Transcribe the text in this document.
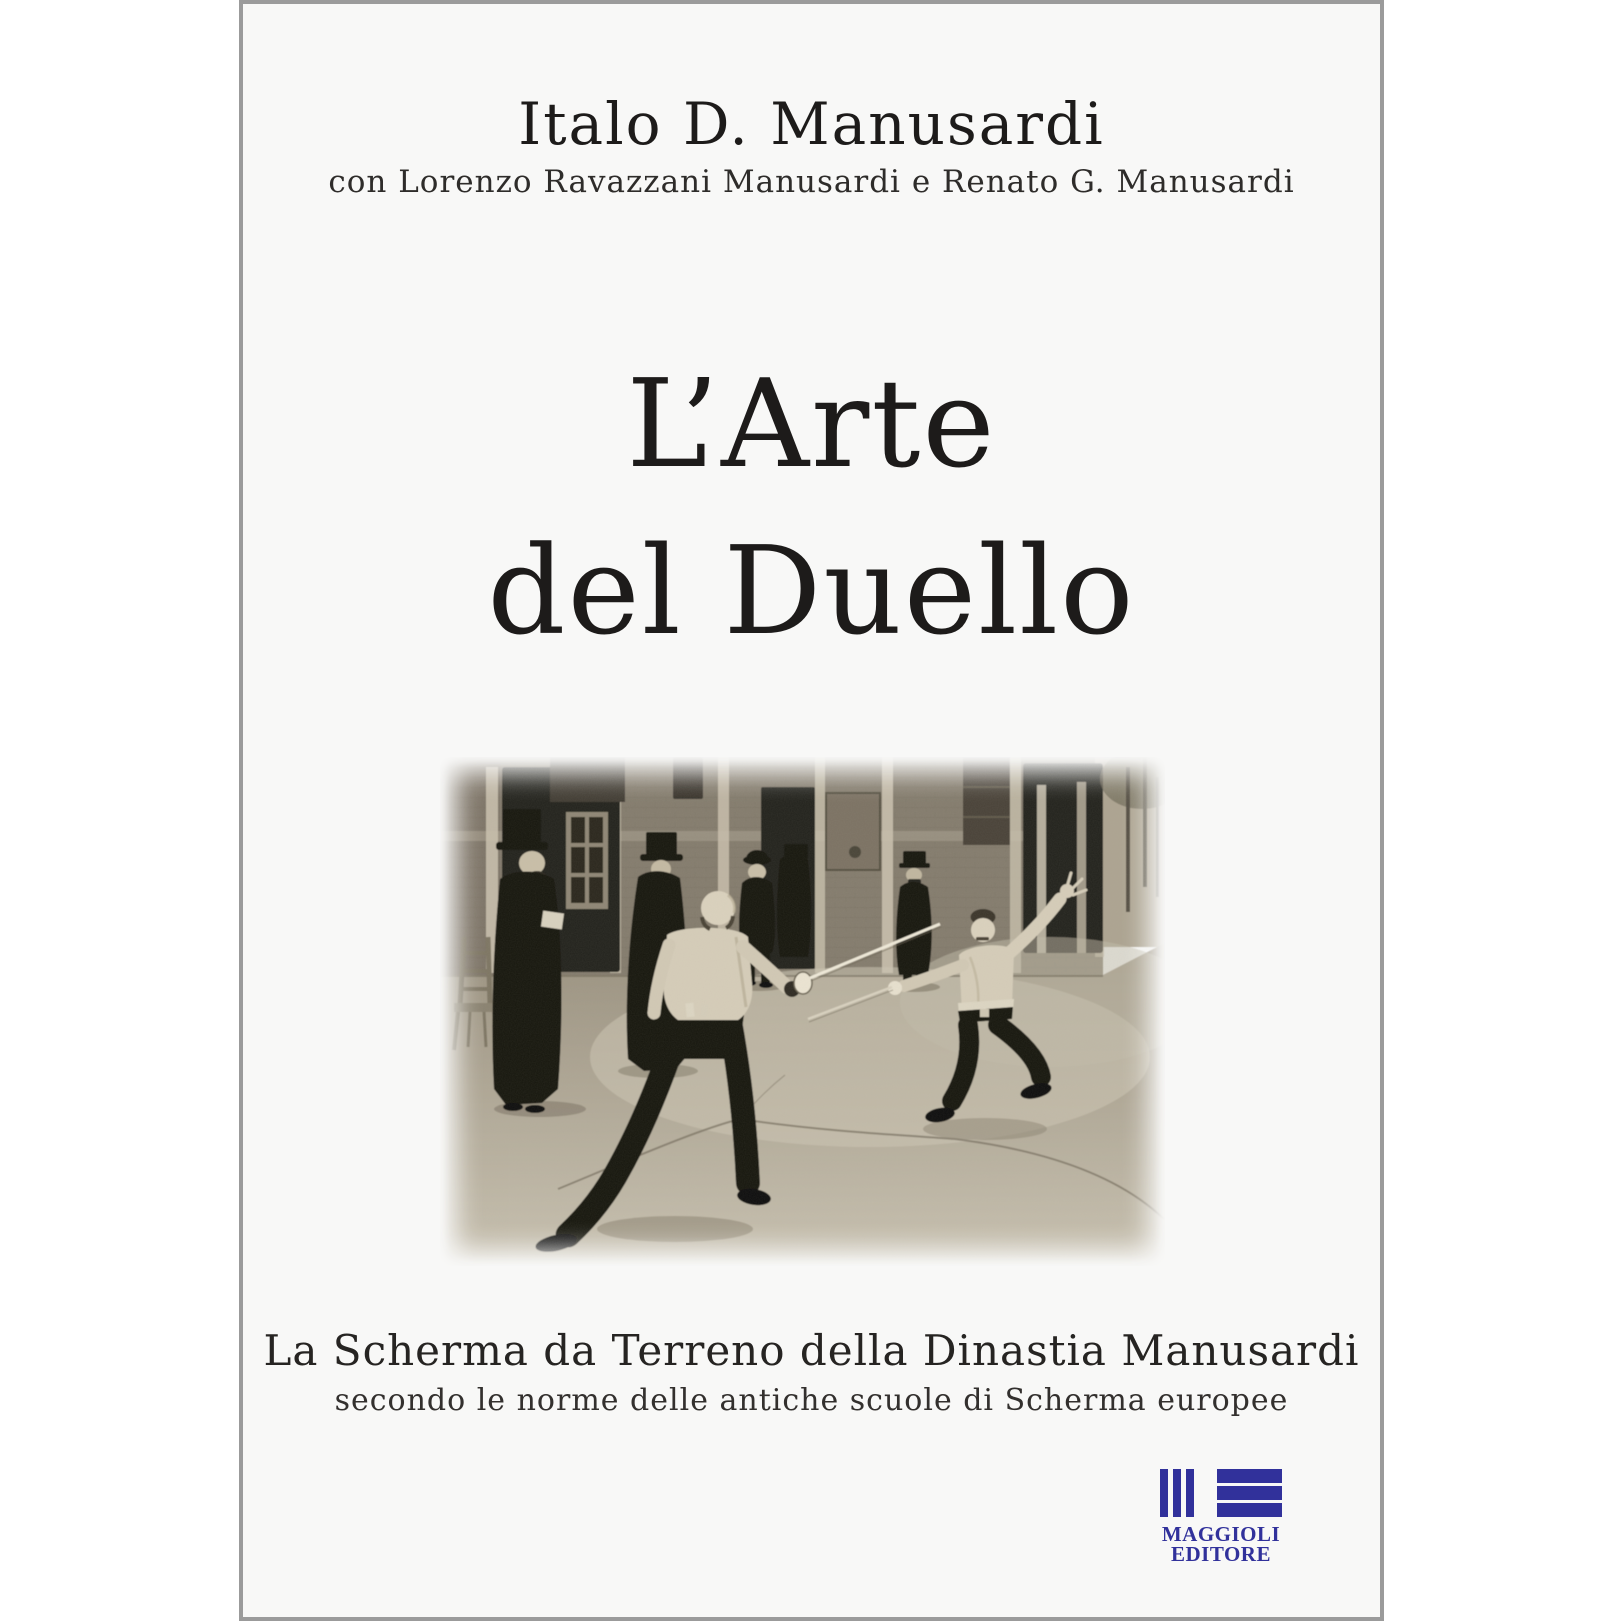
Italo D. Manusardi
con Lorenzo Ravazzani Manusardi e Renato G. Manusardi
L’Arte
del Duello
La Scherma da Terreno della Dinastia Manusardi
secondo le norme delle antiche scuole di Scherma europee
MAGGIOLI
EDITORE
